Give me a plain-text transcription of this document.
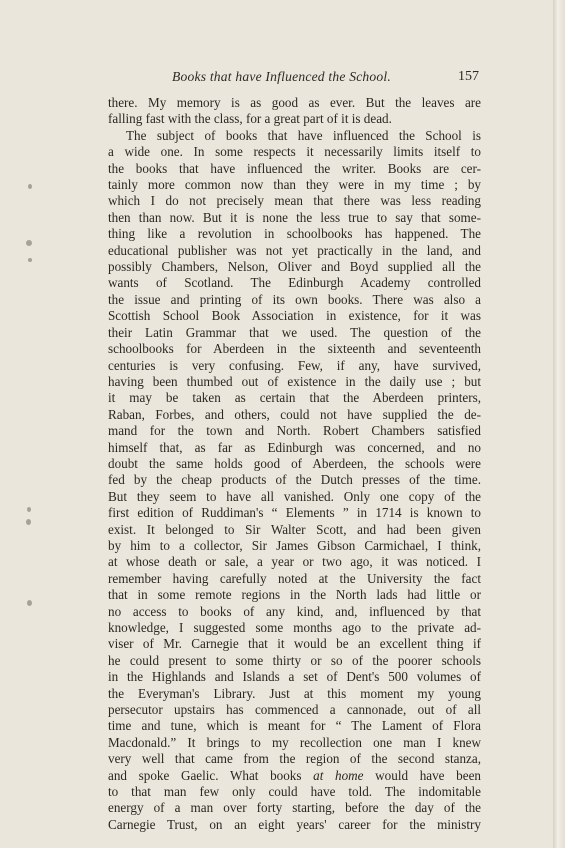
Books that have Influenced the School.	157
there. My memory is as good as ever. But the leaves are
falling fast with the class, for a great part of it is dead.
The subject of books that have influenced the School is
a wide one. In some respects it necessarily limits itself to
the books that have influenced the writer. Books are cer-
tainly more common now than they were in my time ; by
which I do not precisely mean that there was less reading
then than now. But it is none the less true to say that some-
thing like a revolution in schoolbooks has happened. The
educational publisher was not yet practically in the land, and
possibly Chambers, Nelson, Oliver and Boyd supplied all the
wants of Scotland. The Edinburgh Academy controlled
the issue and printing of its own books. There was also a
Scottish School Book Association in existence, for it was
their Latin Grammar that we used. The question of the
schoolbooks for Aberdeen in the sixteenth and seventeenth
centuries is very confusing. Few, if any, have survived,
having been thumbed out of existence in the daily use ; but
it may be taken as certain that the Aberdeen printers,
Raban, Forbes, and others, could not have supplied the de-
mand for the town and North. Robert Chambers satisfied
himself that, as far as Edinburgh was concerned, and no
doubt the same holds good of Aberdeen, the schools were
fed by the cheap products of the Dutch presses of the time.
But they seem to have all vanished. Only one copy of the
first edition of Ruddiman's “ Elements ” in 1714 is known to
exist. It belonged to Sir Walter Scott, and had been given
by him to a collector, Sir James Gibson Carmichael, I think,
at whose death or sale, a year or two ago, it was noticed. I
remember having carefully noted at the University the fact
that in some remote regions in the North lads had little or
no access to books of any kind, and, influenced by that
knowledge, I suggested some months ago to the private ad-
viser of Mr. Carnegie that it would be an excellent thing if
he could present to some thirty or so of the poorer schools
in the Highlands and Islands a set of Dent's 500 volumes of
the Everyman's Library. Just at this moment my young
persecutor upstairs has commenced a cannonade, out of all
time and tune, which is meant for “ The Lament of Flora
Macdonald.” It brings to my recollection one man I knew
very well that came from the region of the second stanza,
and spoke Gaelic. What books at home would have been
to that man few only could have told. The indomitable
energy of a man over forty starting, before the day of the
Carnegie Trust, on an eight years' career for the ministry
